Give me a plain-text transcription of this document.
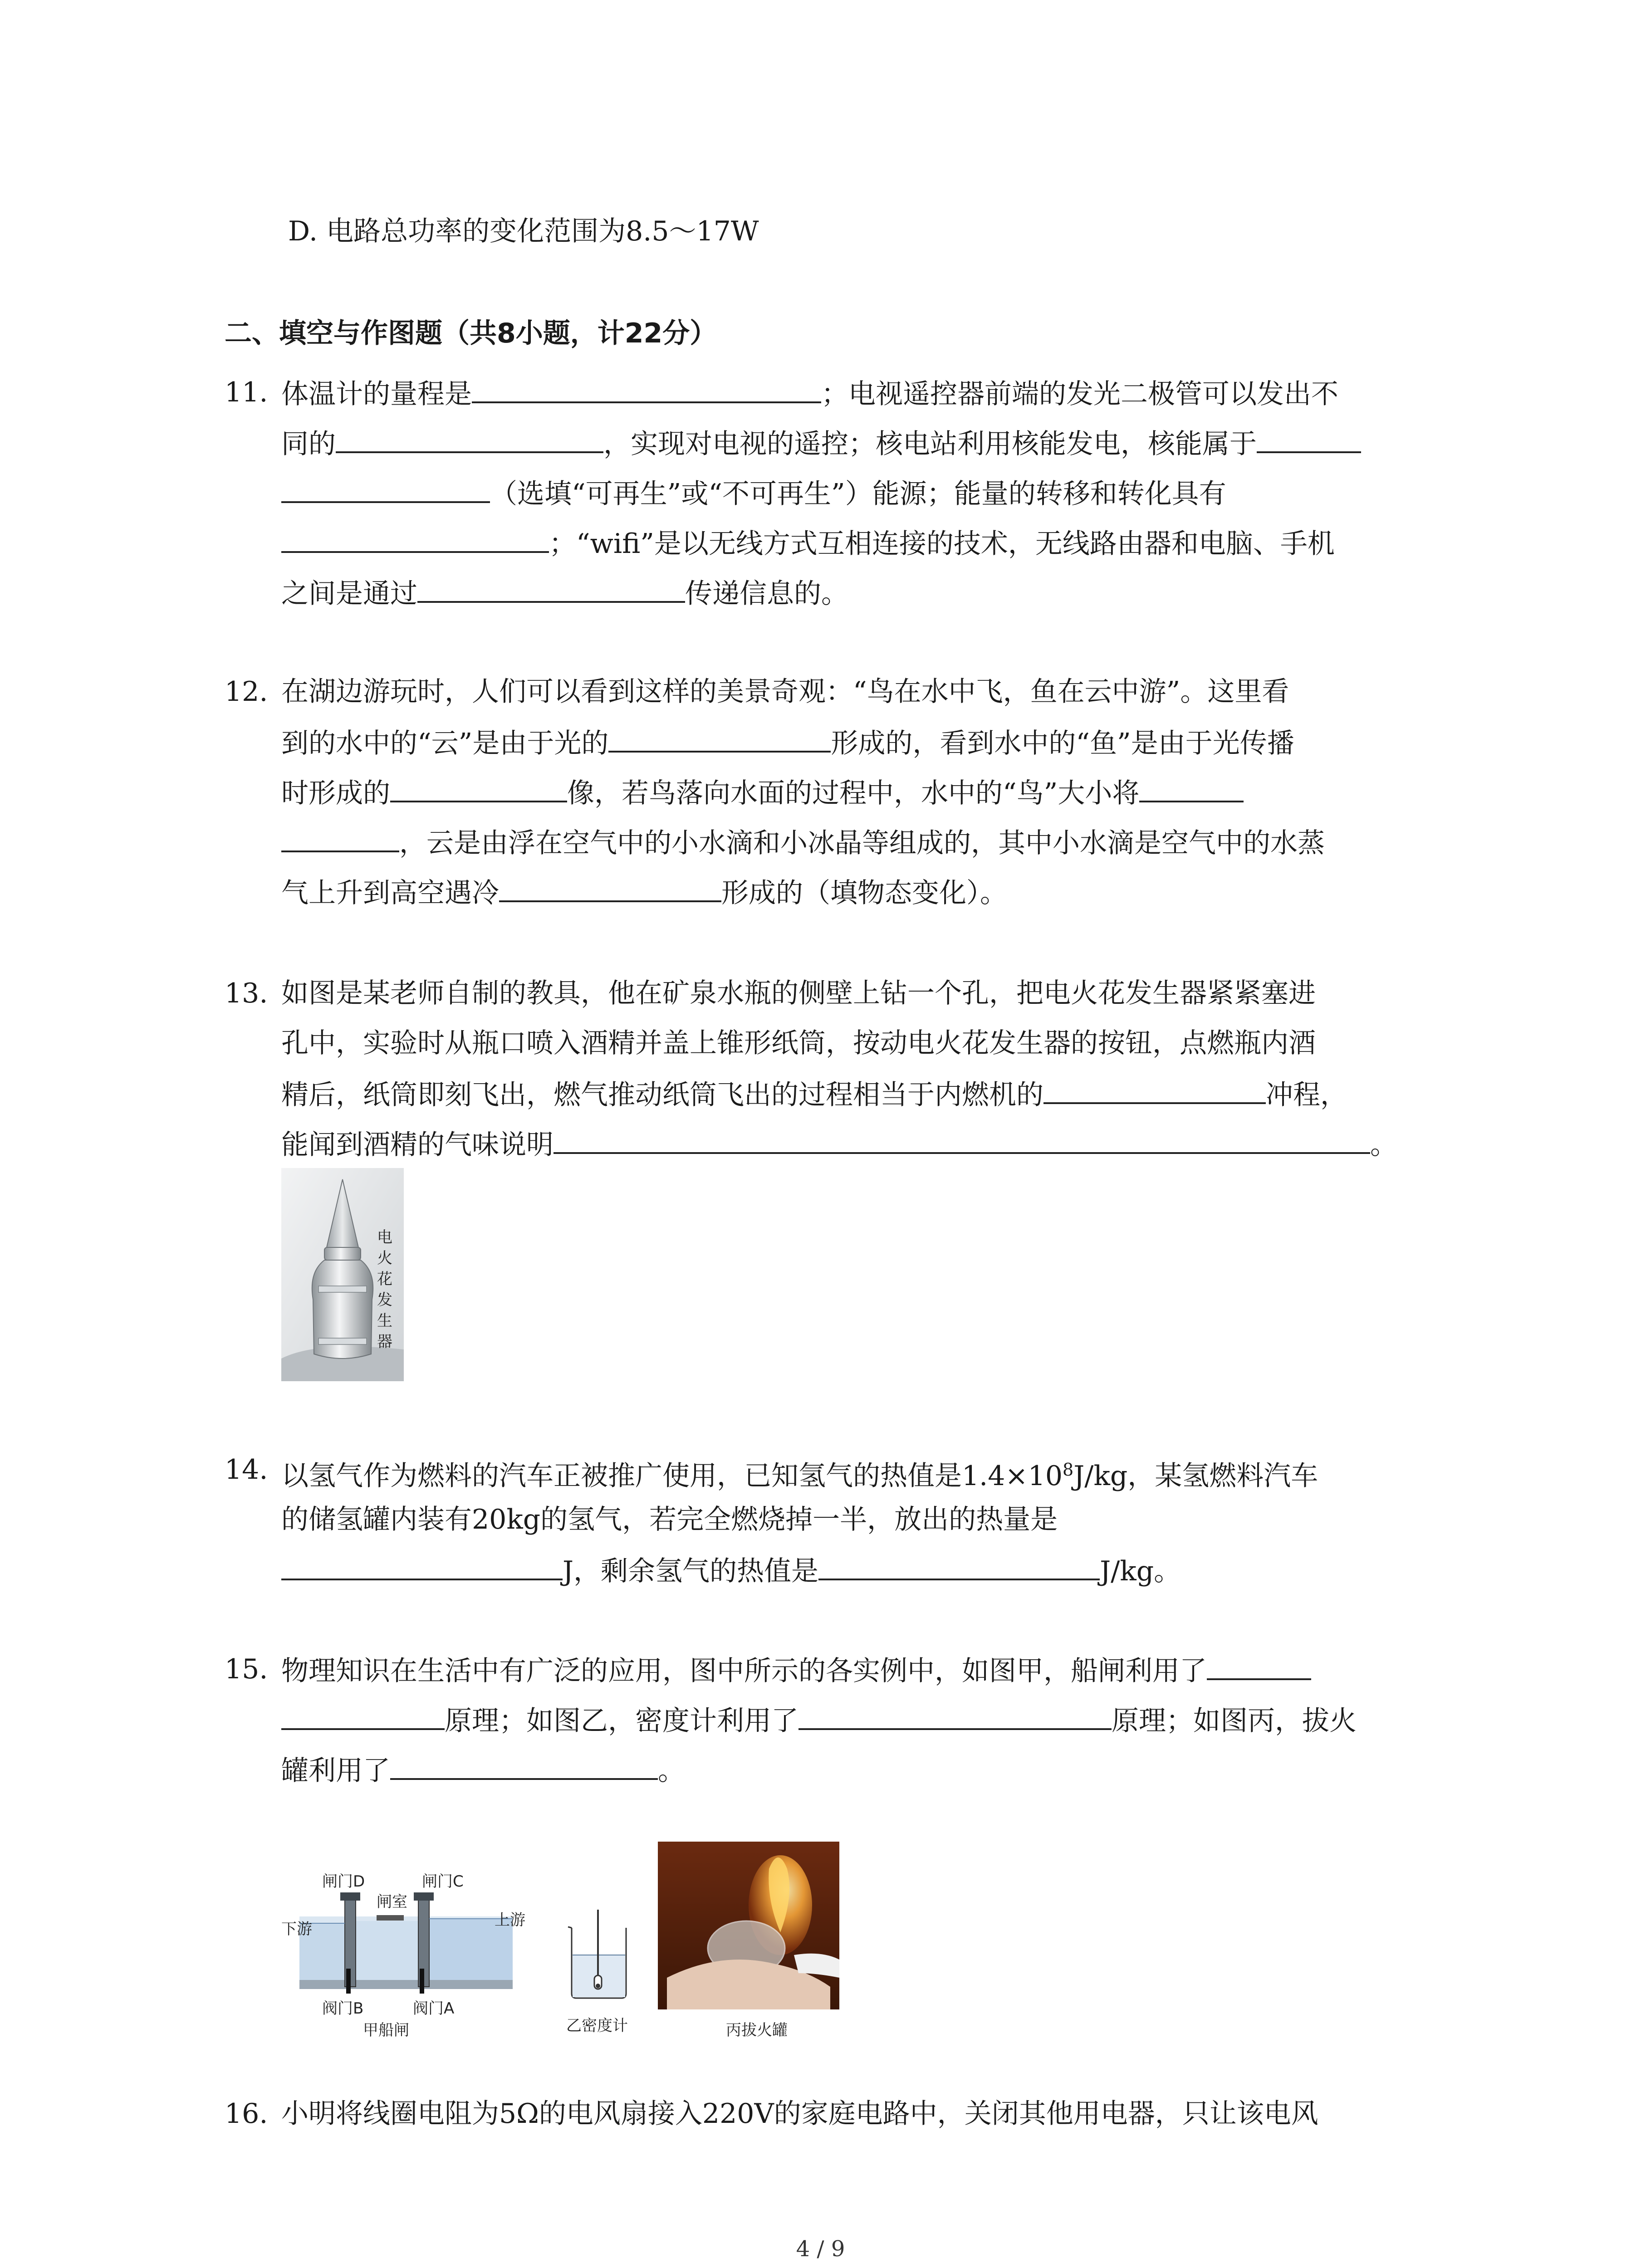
D. 电路总功率的变化范围为8.5～17W
二、填空与作图题（共8小题，计22分）
11. 体温计的量程是	；电视遥控器前端的发光二极管可以发出不
同的	，实现对电视的遥控；核电站利用核能发电，核能属于
（选填“可再生”或“不可再生”）能源；能量的转移和转化具有
；“wifi”是以无线方式互相连接的技术，无线路由器和电脑、手机
之间是通过	传递信息的。
12. 在湖边游玩时，人们可以看到这样的美景奇观：“鸟在水中飞，鱼在云中游”。这里看
到的水中的“云”是由于光的	形成的，看到水中的“鱼”是由于光传播
时形成的	像，若鸟落向水面的过程中，水中的“鸟”大小将
，云是由浮在空气中的小水滴和小冰晶等组成的，其中小水滴是空气中的水蒸
气上升到高空遇冷	形成的（填物态变化）。
13. 如图是某老师自制的教具，他在矿泉水瓶的侧壁上钻一个孔，把电火花发生器紧紧塞进
孔中，实验时从瓶口喷入酒精并盖上锥形纸筒，按动电火花发生器的按钮，点燃瓶内酒
精后，纸筒即刻飞出，燃气推动纸筒飞出的过程相当于内燃机的	冲程，
能闻到酒精的气味说明	。
电
火
花
发
生
器
14. 以氢气作为燃料的汽车正被推广使用，已知氢气的热值是$1.4\times 10^8J/kg$，某氢燃料汽车
的储氢罐内装有20kg的氢气，若完全燃烧掉一半，放出的热量是
J，剩余氢气的热值是	J/kg。
15. 物理知识在生活中有广泛的应用，图中所示的各实例中，如图甲，船闸利用了
原理；如图乙，密度计利用了	原理；如图丙，拔火
罐利用了	。
闸门D	闸门C
闸室
下游	上游
阀门B	阀门A
甲船闸	乙密度计	丙拔火罐
16. 小明将线圈电阻为5Ω的电风扇接入220V的家庭电路中，关闭其他用电器，只让该电风
4 / 9
